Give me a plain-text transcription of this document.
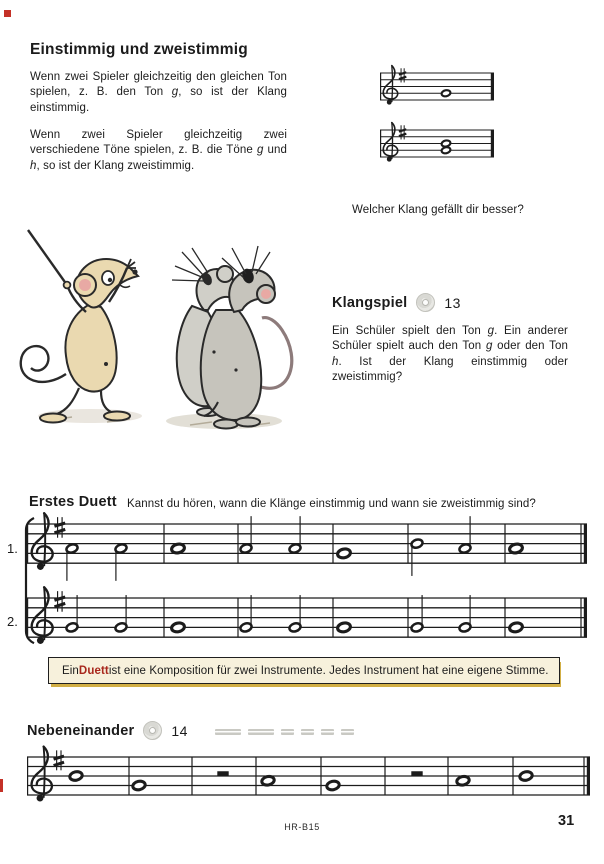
Einstimmig und zweistimmig
Wenn zwei Spieler gleichzeitig den gleichen Ton spielen, z. B. den Ton g, so ist der Klang einstimmig.
Wenn zwei Spieler gleichzeitig zwei verschiedene Töne spielen, z. B. die Töne g und h, so ist der Klang zweistimmig.
Welcher Klang gefällt dir besser?
Klangspiel	13
Ein Schüler spielt den Ton g. Ein anderer Schüler spielt auch den Ton g oder den Ton h. Ist der Klang einstimmig oder zweistimmig?
Erstes Duett Kannst du hören, wann die Klänge einstimmig und wann sie zweistimmig sind?
1.
2.
Ein Duett ist eine Komposition für zwei Instrumente. Jedes Instrument hat eine eigene Stimme.
Nebeneinander	14
HR-B15	31
